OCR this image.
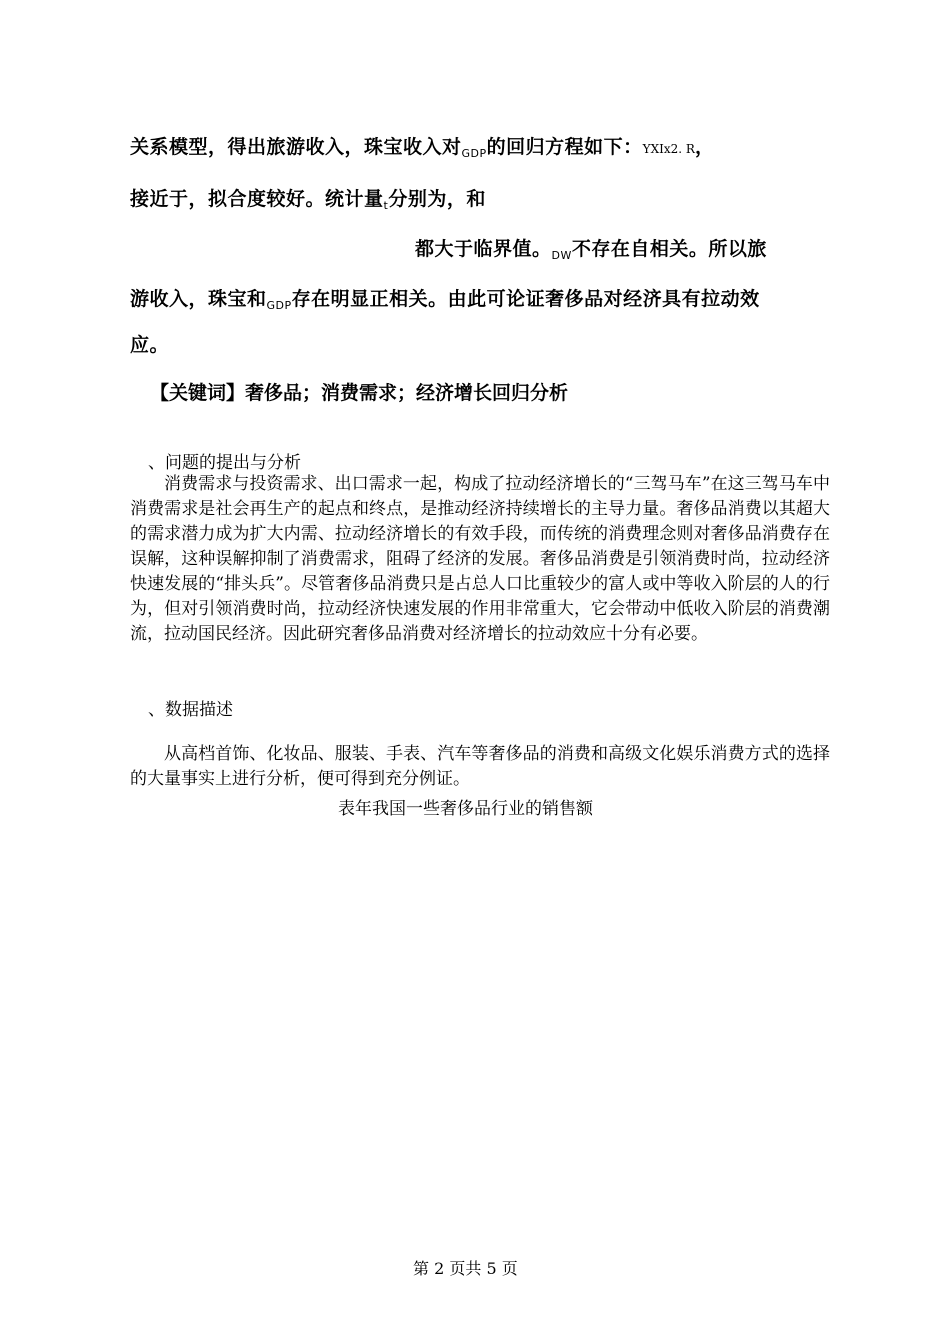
关系模型，得出旅游收入，珠宝收入对$_{GDP}$的回归方程如下：YXIx2. R，
接近于，拟合度较好。统计量$_t$分别为，和
都大于临界值。$_{DW}$不存在自相关。所以旅
游收入，珠宝和$_{GDP}$存在明显正相关。由此可论证奢侈品对经济具有拉动效
应。
【关键词】奢侈品；消费需求；经济增长回归分析
、问题的提出与分析
消费需求与投资需求、出口需求一起，构成了拉动经济增长的“三驾马车”在这三驾马车中消费需求是社会再生产的起点和终点，是推动经济持续增长的主导力量。奢侈品消费以其超大的需求潜力成为扩大内需、拉动经济增长的有效手段，而传统的消费理念则对奢侈品消费存在误解，这种误解抑制了消费需求，阻碍了经济的发展。奢侈品消费是引领消费时尚，拉动经济快速发展的“排头兵”。尽管奢侈品消费只是占总人口比重较少的富人或中等收入阶层的人的行为，但对引领消费时尚，拉动经济快速发展的作用非常重大，它会带动中低收入阶层的消费潮流，拉动国民经济。因此研究奢侈品消费对经济增长的拉动效应十分有必要。
、数据描述
从高档首饰、化妆品、服装、手表、汽车等奢侈品的消费和高级文化娱乐消费方式的选择的大量事实上进行分析，便可得到充分例证。
表年我国一些奢侈品行业的销售额
第 2 页共 5 页
